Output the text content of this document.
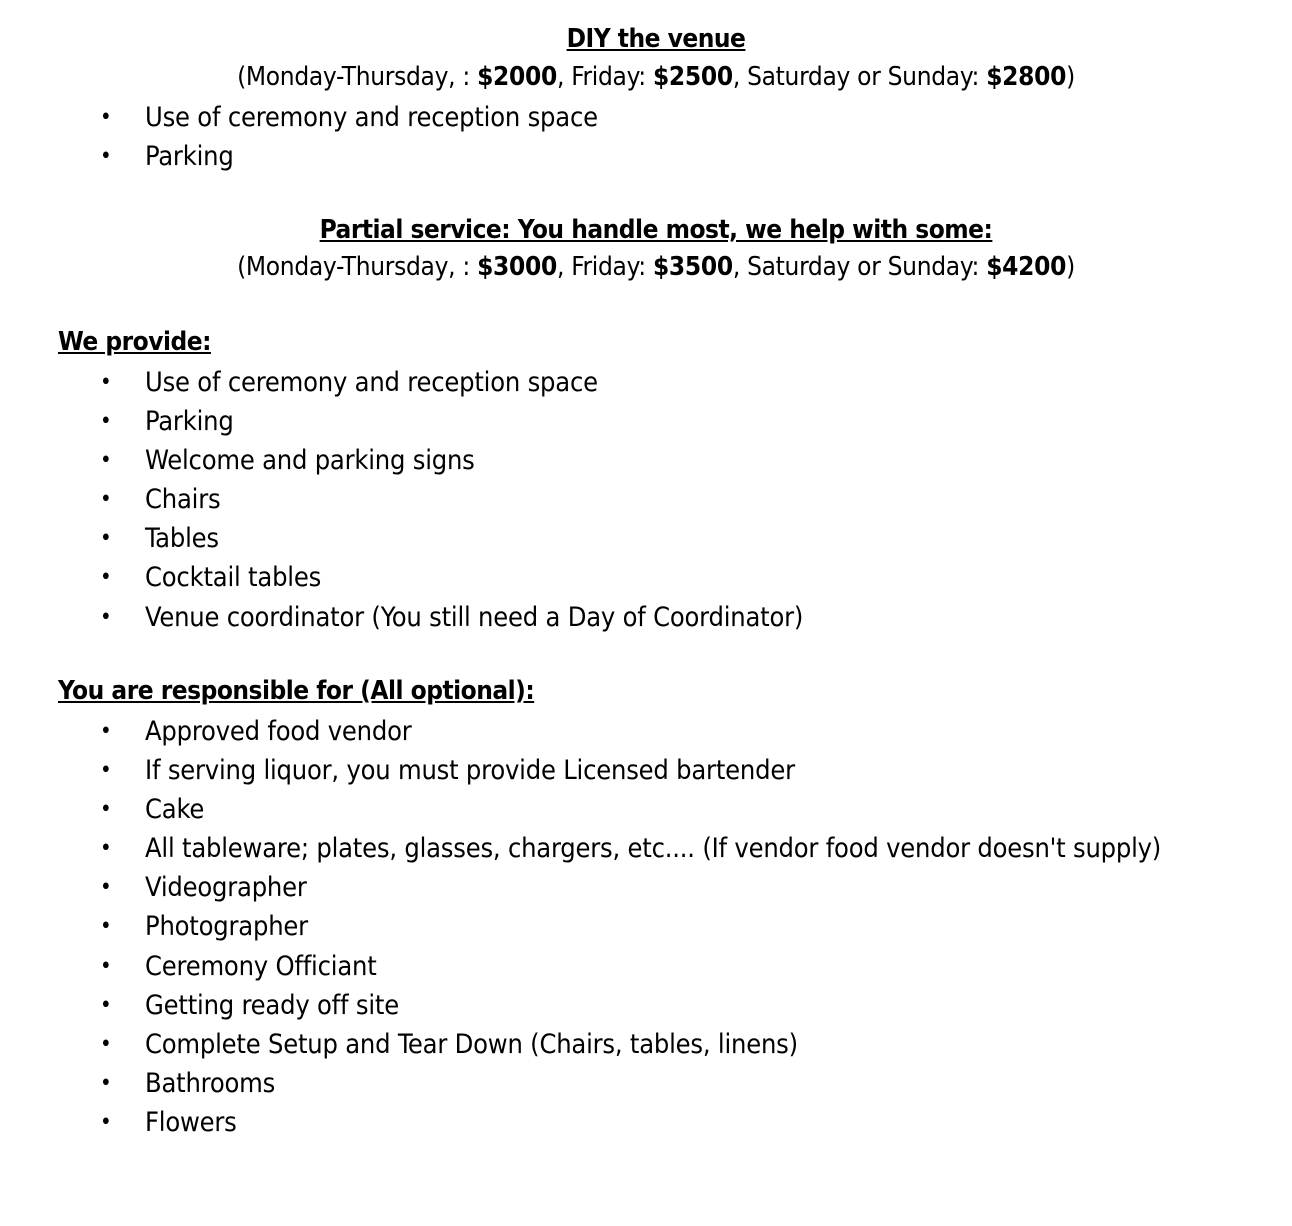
DIY the venue
(Monday-Thursday, : $2000, Friday: $2500, Saturday or Sunday: $2800)
• Use of ceremony and reception space
• Parking
Partial service: You handle most, we help with some:
(Monday-Thursday, : $3000, Friday: $3500, Saturday or Sunday: $4200)
We provide:
• Use of ceremony and reception space
• Parking
• Welcome and parking signs
• Chairs
• Tables
• Cocktail tables
• Venue coordinator (You still need a Day of Coordinator)
You are responsible for (All optional):
• Approved food vendor
• If serving liquor, you must provide Licensed bartender
• Cake
• All tableware; plates, glasses, chargers, etc.... (If vendor food vendor doesn't supply)
• Videographer
• Photographer
• Ceremony Officiant
• Getting ready off site
• Complete Setup and Tear Down (Chairs, tables, linens)
• Bathrooms
• Flowers
